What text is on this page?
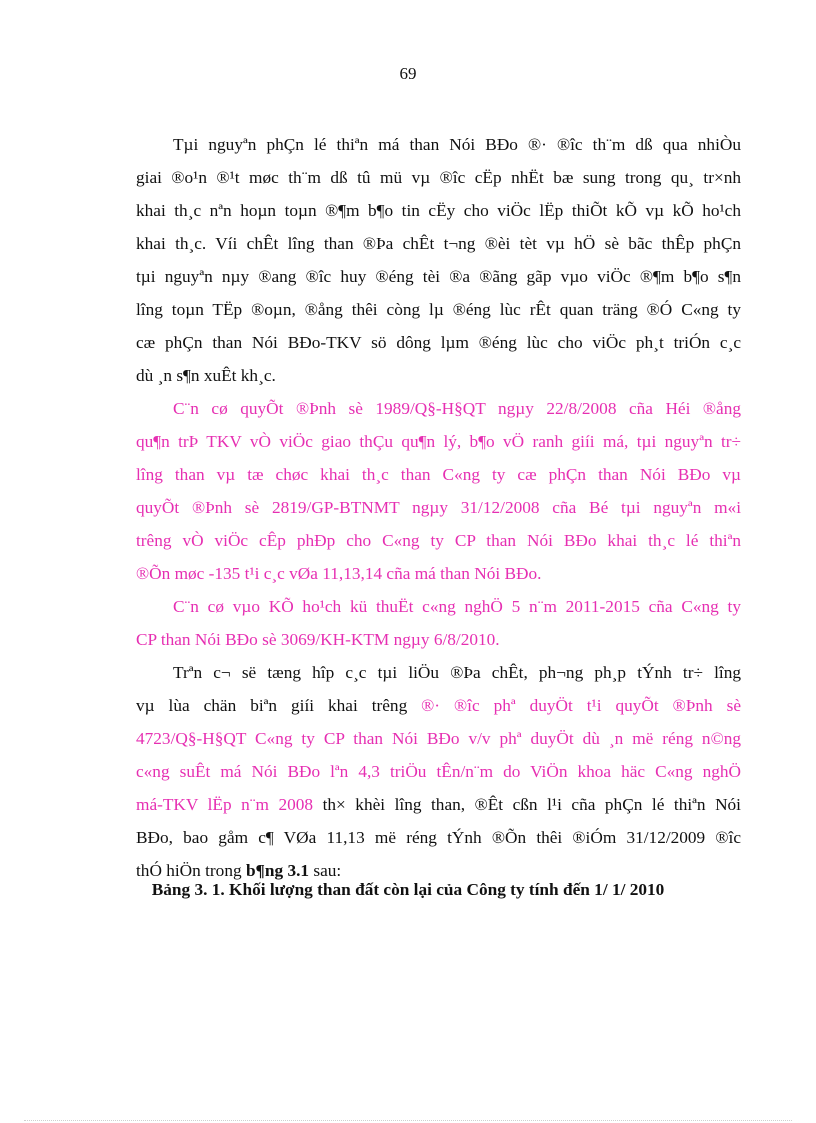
69
Tµi nguyªn phÇn lé thiªn má than Nói BÐo ®· ®îc th¨m dß qua nhiÒu
giai ®o¹n ®¹t møc th¨m dß tû mü vµ ®îc cËp nhËt bæ sung trong qu¸ tr×nh
khai th¸c nªn hoµn toµn ®¶m b¶o tin cËy cho viÖc lËp thiÕt kÕ vµ kÕ ho¹ch
khai th¸c. Víi chÊt lîng than ®Þa chÊt t¬ng ®èi tèt vµ hÖ sè bãc thÊp phÇn
tµi nguyªn nµy ®ang ®îc huy ®éng tèi ®a ®ãng gãp vµo viÖc ®¶m b¶o s¶n
lîng toµn TËp ®oµn, ®ång thêi còng lµ ®éng lùc rÊt quan träng ®Ó C«ng ty
cæ phÇn than Nói BÐo-TKV sö dông lµm ®éng lùc cho viÖc ph¸t triÓn c¸c
dù ¸n s¶n xuÊt kh¸c.
C¨n cø quyÕt ®Þnh sè 1989/Q§-H§QT ngµy 22/8/2008 cña Héi ®ång
qu¶n trÞ TKV vÒ viÖc giao thÇu qu¶n lý, b¶o vÖ ranh giíi má, tµi nguyªn tr÷
lîng than vµ tæ chøc khai th¸c than C«ng ty cæ phÇn than Nói BÐo vµ
quyÕt ®Þnh sè 2819/GP-BTNMT ngµy 31/12/2008 cña Bé tµi nguyªn m«i
trêng vÒ viÖc cÊp phÐp cho C«ng ty CP than Nói BÐo khai th¸c lé thiªn
®Õn møc -135 t¹i c¸c vØa 11,13,14 cña má than Nói BÐo.
C¨n cø vµo KÕ ho¹ch kü thuËt c«ng nghÖ 5 n¨m 2011-2015 cña C«ng ty
CP than Nói BÐo sè 3069/KH-KTM ngµy 6/8/2010.
Trªn c¬ së tæng hîp c¸c tµi liÖu ®Þa chÊt, ph¬ng ph¸p tÝnh tr÷ lîng
vµ lùa chän biªn giíi khai trêng ®· ®îc phª duyÖt t¹i quyÕt ®Þnh sè
4723/Q§-H§QT C«ng ty CP than Nói BÐo v/v phª duyÖt dù ¸n më réng n©ng
c«ng suÊt má Nói BÐo lªn 4,3 triÖu tÊn/n¨m do ViÖn khoa häc C«ng nghÖ
má-TKV lËp n¨m 2008 th× khèi lîng than, ®Êt cßn l¹i cña phÇn lé thiªn Nói
BÐo, bao gåm c¶ VØa 11,13 më réng tÝnh ®Õn thêi ®iÓm 31/12/2009 ®îc
thÓ hiÖn trong b¶ng 3.1 sau:
Bảng 3. 1. Khối lượng than đất còn lại của Công ty tính đến 1/ 1/ 2010
